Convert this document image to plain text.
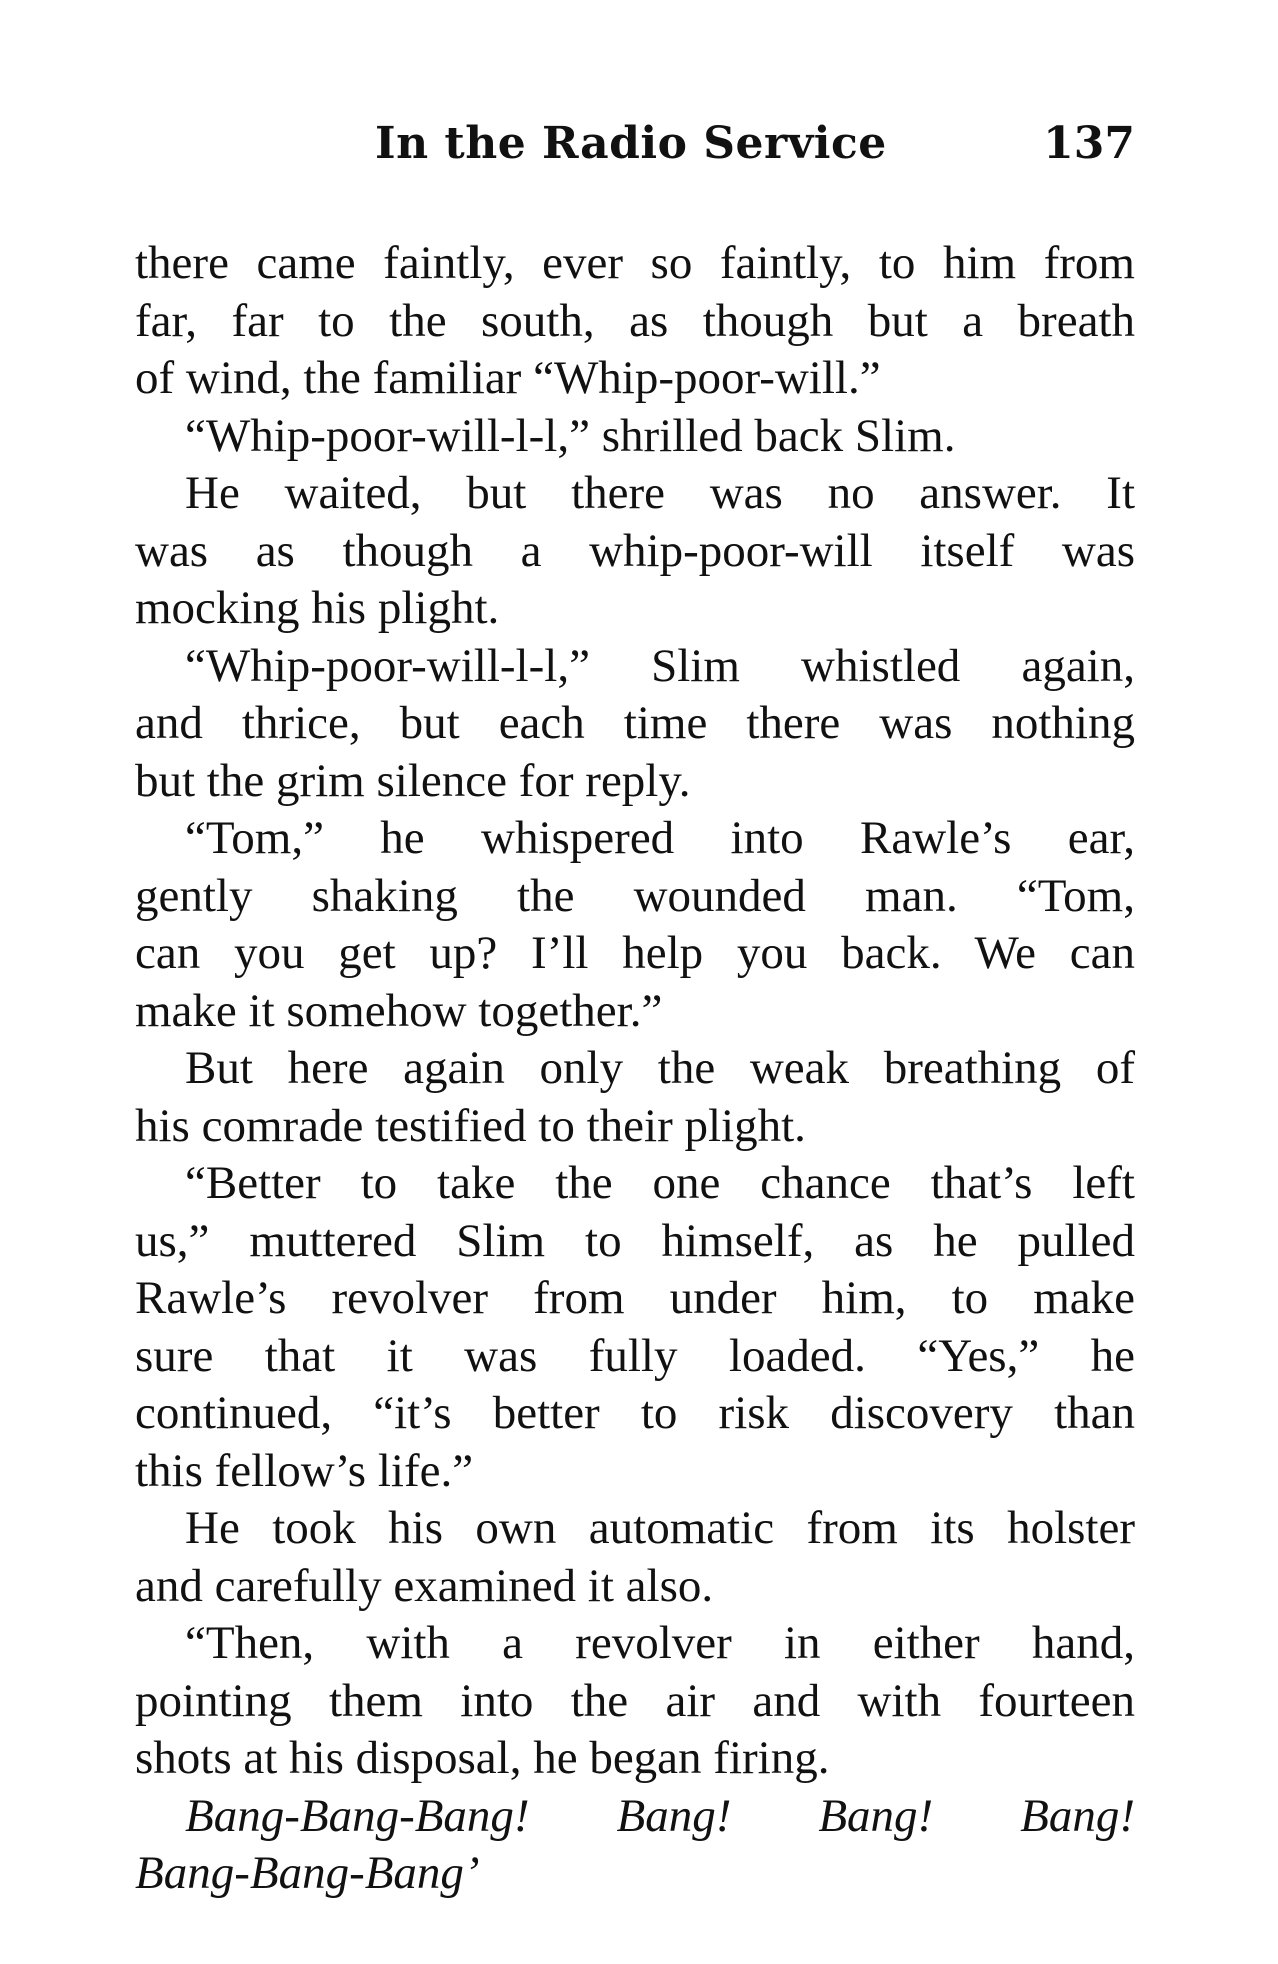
In the Radio Service	137
there came faintly, ever so faintly, to him from
far, far to the south, as though but a breath
of wind, the familiar “Whip-poor-will.”
“Whip-poor-will-l-l,” shrilled back Slim.
He waited, but there was no answer. It
was as though a whip-poor-will itself was
mocking his plight.
“Whip-poor-will-l-l,” Slim whistled again,
and thrice, but each time there was nothing
but the grim silence for reply.
“Tom,” he whispered into Rawle’s ear,
gently shaking the wounded man. “Tom,
can you get up? I’ll help you back. We can
make it somehow together.”
But here again only the weak breathing of
his comrade testified to their plight.
“Better to take the one chance that’s left
us,” muttered Slim to himself, as he pulled
Rawle’s revolver from under him, to make
sure that it was fully loaded. “Yes,” he
continued, “it’s better to risk discovery than
this fellow’s life.”
He took his own automatic from its holster
and carefully examined it also.
“Then, with a revolver in either hand,
pointing them into the air and with fourteen
shots at his disposal, he began firing.
Bang-Bang-Bang! Bang! Bang! Bang!
Bang-Bang-Bang’
